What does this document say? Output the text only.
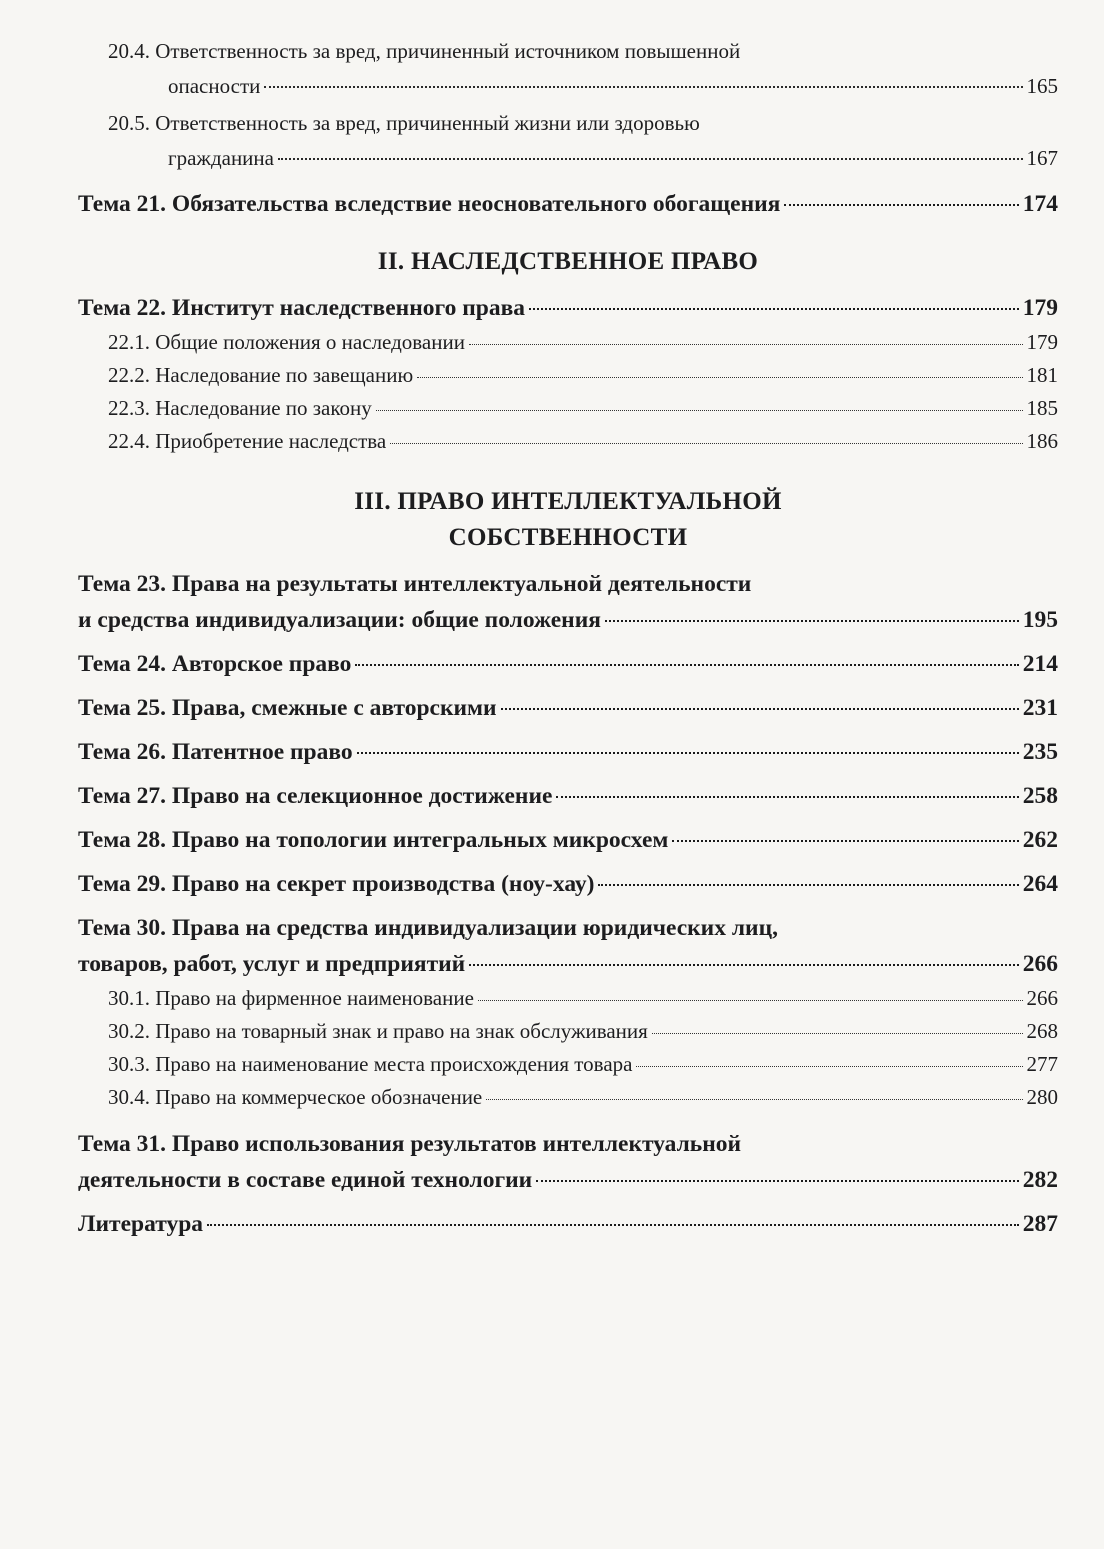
20.4. Ответственность за вред, причиненный источником повышенной
опасности	165
20.5. Ответственность за вред, причиненный жизни или здоровью
гражданина	167
Тема 21. Обязательства вследствие неосновательного обогащения	174
II. НАСЛЕДСТВЕННОЕ ПРАВО
Тема 22. Институт наследственного права	179
22.1. Общие положения о наследовании	179
22.2. Наследование по завещанию	181
22.3. Наследование по закону	185
22.4. Приобретение наследства	186
III. ПРАВО ИНТЕЛЛЕКТУАЛЬНОЙ
СОБСТВЕННОСТИ
Тема 23. Права на результаты интеллектуальной деятельности
и средства индивидуализации: общие положения	195
Тема 24. Авторское право	214
Тема 25. Права, смежные с авторскими	231
Тема 26. Патентное право	235
Тема 27. Право на селекционное достижение	258
Тема 28. Право на топологии интегральных микросхем	262
Тема 29. Право на секрет производства (ноу-хау)	264
Тема 30. Права на средства индивидуализации юридических лиц,
товаров, работ, услуг и предприятий	266
30.1. Право на фирменное наименование	266
30.2. Право на товарный знак и право на знак обслуживания	268
30.3. Право на наименование места происхождения товара	277
30.4. Право на коммерческое обозначение	280
Тема 31. Право использования результатов интеллектуальной
деятельности в составе единой технологии	282
Литература	287
